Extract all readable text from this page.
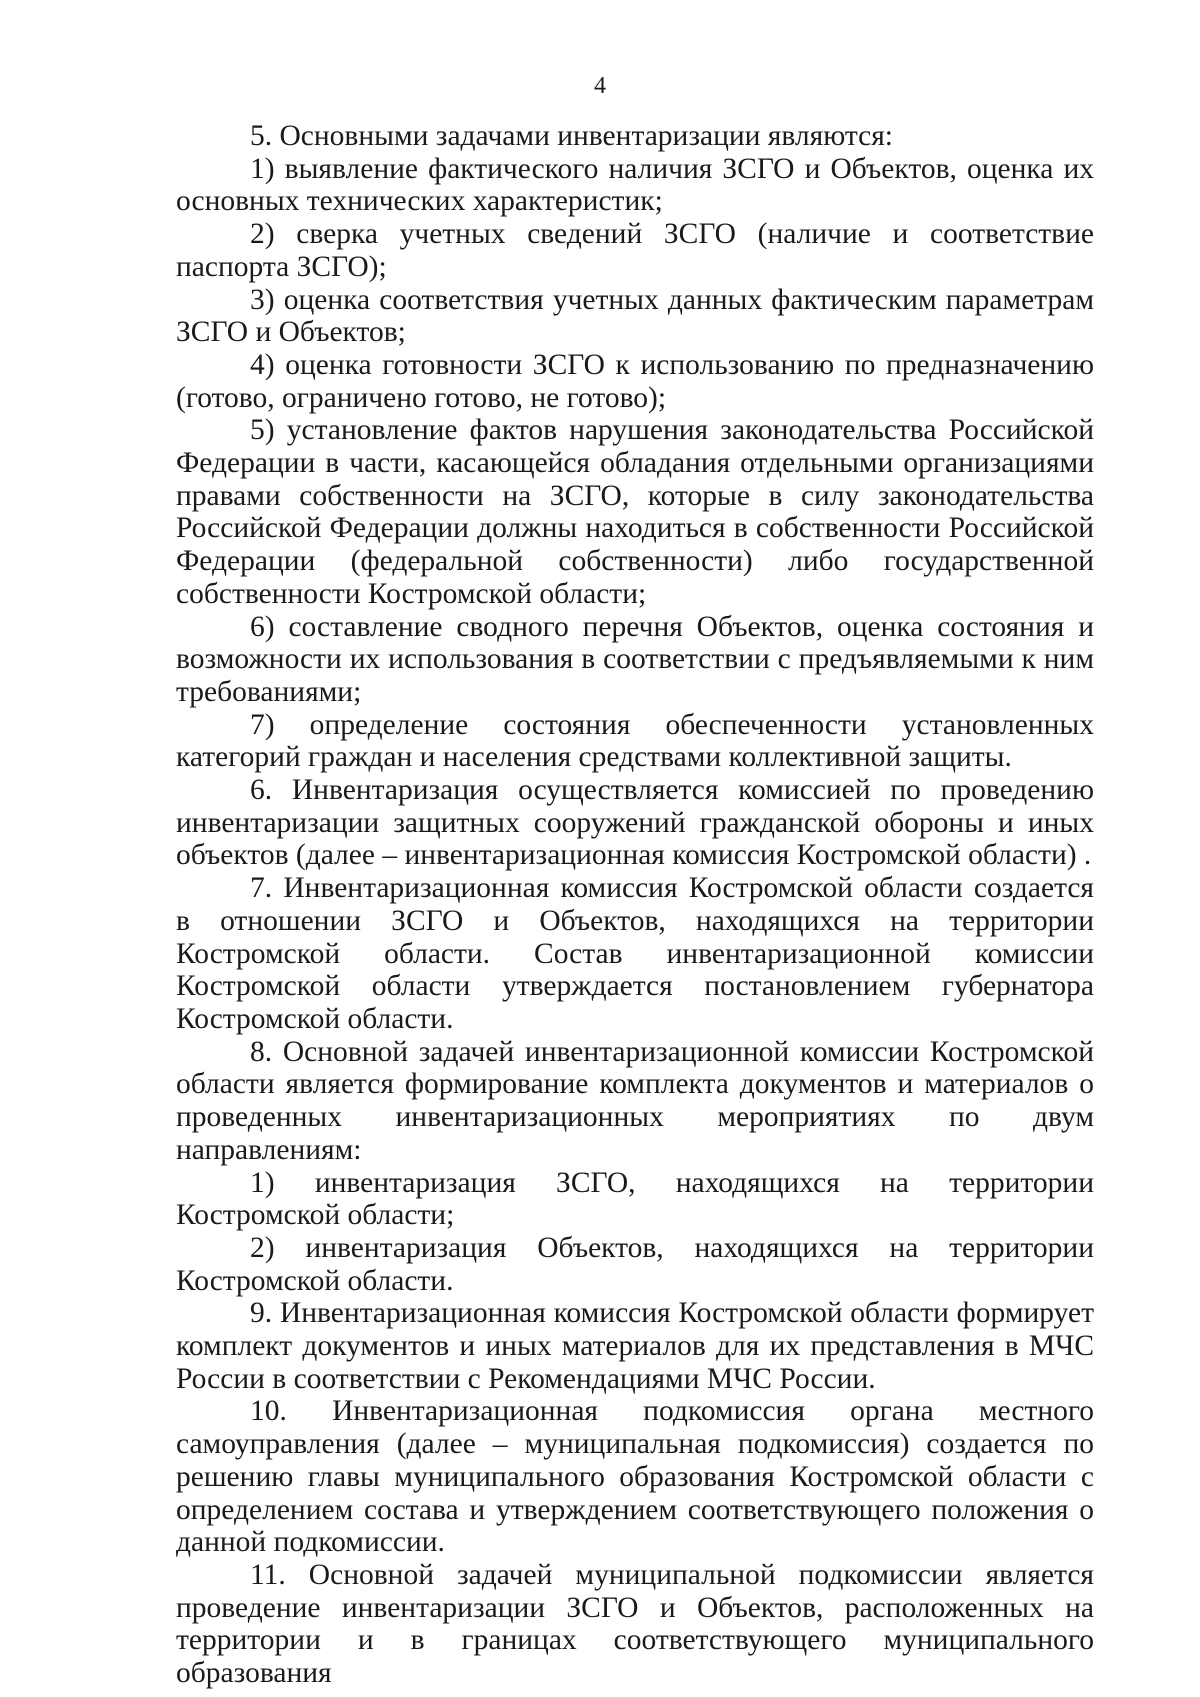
4

5. Основными задачами инвентаризации являются:

1) выявление фактического наличия ЗСГО и Объектов, оценка их основных технических характеристик;

2) сверка учетных сведений ЗСГО (наличие и соответствие паспорта ЗСГО);

3) оценка соответствия учетных данных фактическим параметрам ЗСГО и Объектов;

4) оценка готовности ЗСГО к использованию по предназначению (готово, ограничено готово, не готово);

5) установление фактов нарушения законодательства Российской Федерации в части, касающейся обладания отдельными организациями правами собственности на ЗСГО, которые в силу законодательства Российской Федерации должны находиться в собственности Российской Федерации (федеральной собственности) либо государственной собственности Костромской области;

6) составление сводного перечня Объектов, оценка состояния и возможности их использования в соответствии с предъявляемыми к ним требованиями;

7) определение состояния обеспеченности установленных категорий граждан и населения средствами коллективной защиты.

6. Инвентаризация осуществляется комиссией по проведению инвентаризации защитных сооружений гражданской обороны и иных объектов (далее – инвентаризационная комиссия Костромской области) .

7. Инвентаризационная комиссия Костромской области создается в отношении ЗСГО и Объектов, находящихся на территории Костромской области. Состав инвентаризационной комиссии Костромской области утверждается постановлением губернатора Костромской области.

8. Основной задачей инвентаризационной комиссии Костромской области является формирование комплекта документов и материалов о проведенных инвентаризационных мероприятиях по двум направлениям:

1) инвентаризация ЗСГО, находящихся на территории Костромской области;

2) инвентаризация Объектов, находящихся на территории Костромской области.

9. Инвентаризационная комиссия Костромской области формирует комплект документов и иных материалов для их представления в МЧС России в соответствии с Рекомендациями МЧС России.

10. Инвентаризационная подкомиссия органа местного самоуправления (далее – муниципальная подкомиссия) создается по решению главы муниципального образования Костромской области с определением состава и утверждением соответствующего положения о данной подкомиссии.

11. Основной задачей муниципальной подкомиссии является проведение инвентаризации ЗСГО и Объектов, расположенных на территории и в границах соответствующего муниципального образования
